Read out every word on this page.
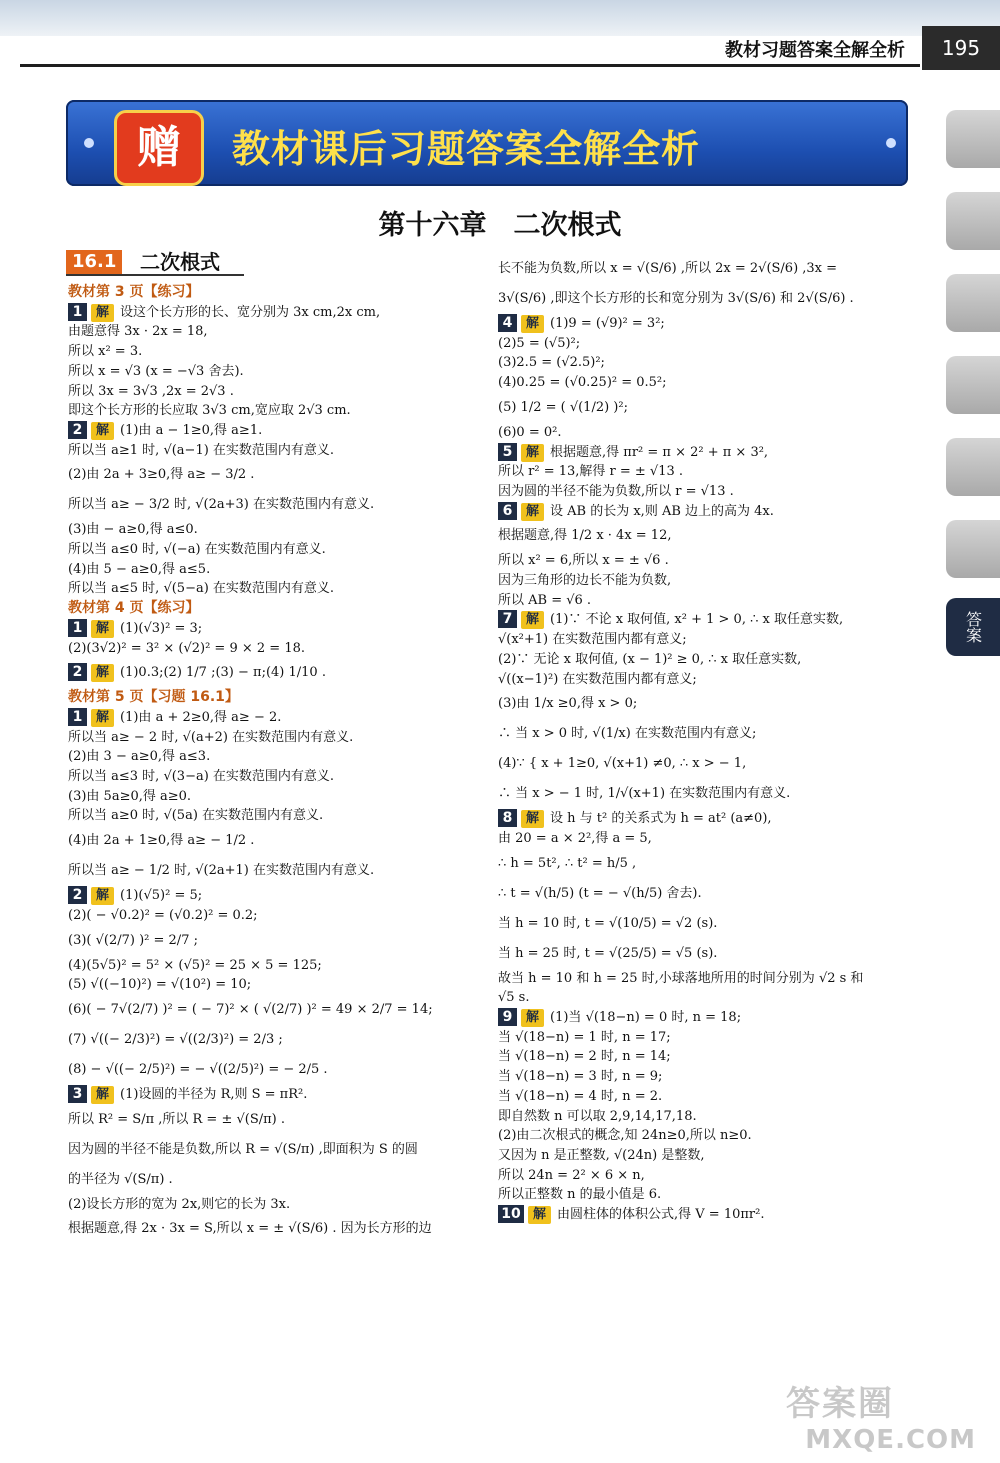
教材习题答案全解全析	195
答案
赠	教材课后习题答案全解全析
第十六章　二次根式
16.1	二次根式
教材第 3 页【练习】
1 解 设这个长方形的长、宽分别为 3x cm,2x cm,
由题意得 3x · 2x = 18,
所以 x² = 3.
所以 x = √3 (x = −√3 舍去).
所以 3x = 3√3 ,2x = 2√3 .
即这个长方形的长应取 3√3 cm,宽应取 2√3 cm.
2 解 (1)由 a − 1≥0,得 a≥1.
所以当 a≥1 时, √(a−1) 在实数范围内有意义.
(2)由 2a + 3≥0,得 a≥ − 3/2 .
所以当 a≥ − 3/2 时, √(2a+3) 在实数范围内有意义.
(3)由 − a≥0,得 a≤0.
所以当 a≤0 时, √(−a) 在实数范围内有意义.
(4)由 5 − a≥0,得 a≤5.
所以当 a≤5 时, √(5−a) 在实数范围内有意义.
教材第 4 页【练习】
1 解 (1)(√3)² = 3;
(2)(3√2)² = 3² × (√2)² = 9 × 2 = 18.
2 解 (1)0.3;(2) 1/7 ;(3) − π;(4) 1/10 .
教材第 5 页【习题 16.1】
1 解 (1)由 a + 2≥0,得 a≥ − 2.
所以当 a≥ − 2 时, √(a+2) 在实数范围内有意义.
(2)由 3 − a≥0,得 a≤3.
所以当 a≤3 时, √(3−a) 在实数范围内有意义.
(3)由 5a≥0,得 a≥0.
所以当 a≥0 时, √(5a) 在实数范围内有意义.
(4)由 2a + 1≥0,得 a≥ − 1/2 .
所以当 a≥ − 1/2 时, √(2a+1) 在实数范围内有意义.
2 解 (1)(√5)² = 5;
(2)( − √0.2)² = (√0.2)² = 0.2;
(3)( √(2/7) )² = 2/7 ;
(4)(5√5)² = 5² × (√5)² = 25 × 5 = 125;
(5) √((−10)²) = √(10²) = 10;
(6)( − 7√(2/7) )² = ( − 7)² × ( √(2/7) )² = 49 × 2/7 = 14;
(7) √((− 2/3)²) = √((2/3)²) = 2/3 ;
(8) − √((− 2/5)²) = − √((2/5)²) = − 2/5 .
3 解 (1)设圆的半径为 R,则 S = πR².
所以 R² = S/π ,所以 R = ± √(S/π) .
因为圆的半径不能是负数,所以 R = √(S/π) ,即面积为 S 的圆
的半径为 √(S/π) .
(2)设长方形的宽为 2x,则它的长为 3x.
根据题意,得 2x · 3x = S,所以 x = ± √(S/6) . 因为长方形的边
长不能为负数,所以 x = √(S/6) ,所以 2x = 2√(S/6) ,3x =
3√(S/6) ,即这个长方形的长和宽分别为 3√(S/6) 和 2√(S/6) .
4 解 (1)9 = (√9)² = 3²;
(2)5 = (√5)²;
(3)2.5 = (√2.5)²;
(4)0.25 = (√0.25)² = 0.5²;
(5) 1/2 = ( √(1/2) )²;
(6)0 = 0².
5 解 根据题意,得 πr² = π × 2² + π × 3²,
所以 r² = 13,解得 r = ± √13 .
因为圆的半径不能为负数,所以 r = √13 .
6 解 设 AB 的长为 x,则 AB 边上的高为 4x.
根据题意,得 1/2 x · 4x = 12,
所以 x² = 6,所以 x = ± √6 .
因为三角形的边长不能为负数,
所以 AB = √6 .
7 解 (1)∵ 不论 x 取何值, x² + 1 > 0, ∴ x 取任意实数,
√(x²+1) 在实数范围内都有意义;
(2)∵ 无论 x 取何值, (x − 1)² ≥ 0, ∴ x 取任意实数,
√((x−1)²) 在实数范围内都有意义;
(3)由 1/x ≥0,得 x > 0;
∴ 当 x > 0 时, √(1/x) 在实数范围内有意义;
(4)∵ { x + 1≥0, √(x+1) ≠0, ∴ x > − 1,
∴ 当 x > − 1 时, 1/√(x+1) 在实数范围内有意义.
8 解 设 h 与 t² 的关系式为 h = at² (a≠0),
由 20 = a × 2²,得 a = 5,
∴ h = 5t², ∴ t² = h/5 ,
∴ t = √(h/5) (t = − √(h/5) 舍去).
当 h = 10 时, t = √(10/5) = √2 (s).
当 h = 25 时, t = √(25/5) = √5 (s).
故当 h = 10 和 h = 25 时,小球落地所用的时间分别为 √2 s 和
√5 s.
9 解 (1)当 √(18−n) = 0 时, n = 18;
当 √(18−n) = 1 时, n = 17;
当 √(18−n) = 2 时, n = 14;
当 √(18−n) = 3 时, n = 9;
当 √(18−n) = 4 时, n = 2.
即自然数 n 可以取 2,9,14,17,18.
(2)由二次根式的概念,知 24n≥0,所以 n≥0.
又因为 n 是正整数, √(24n) 是整数,
所以 24n = 2² × 6 × n,
所以正整数 n 的最小值是 6.
10 解 由圆柱体的体积公式,得 V = 10πr².
答案圈
MXQE.COM
